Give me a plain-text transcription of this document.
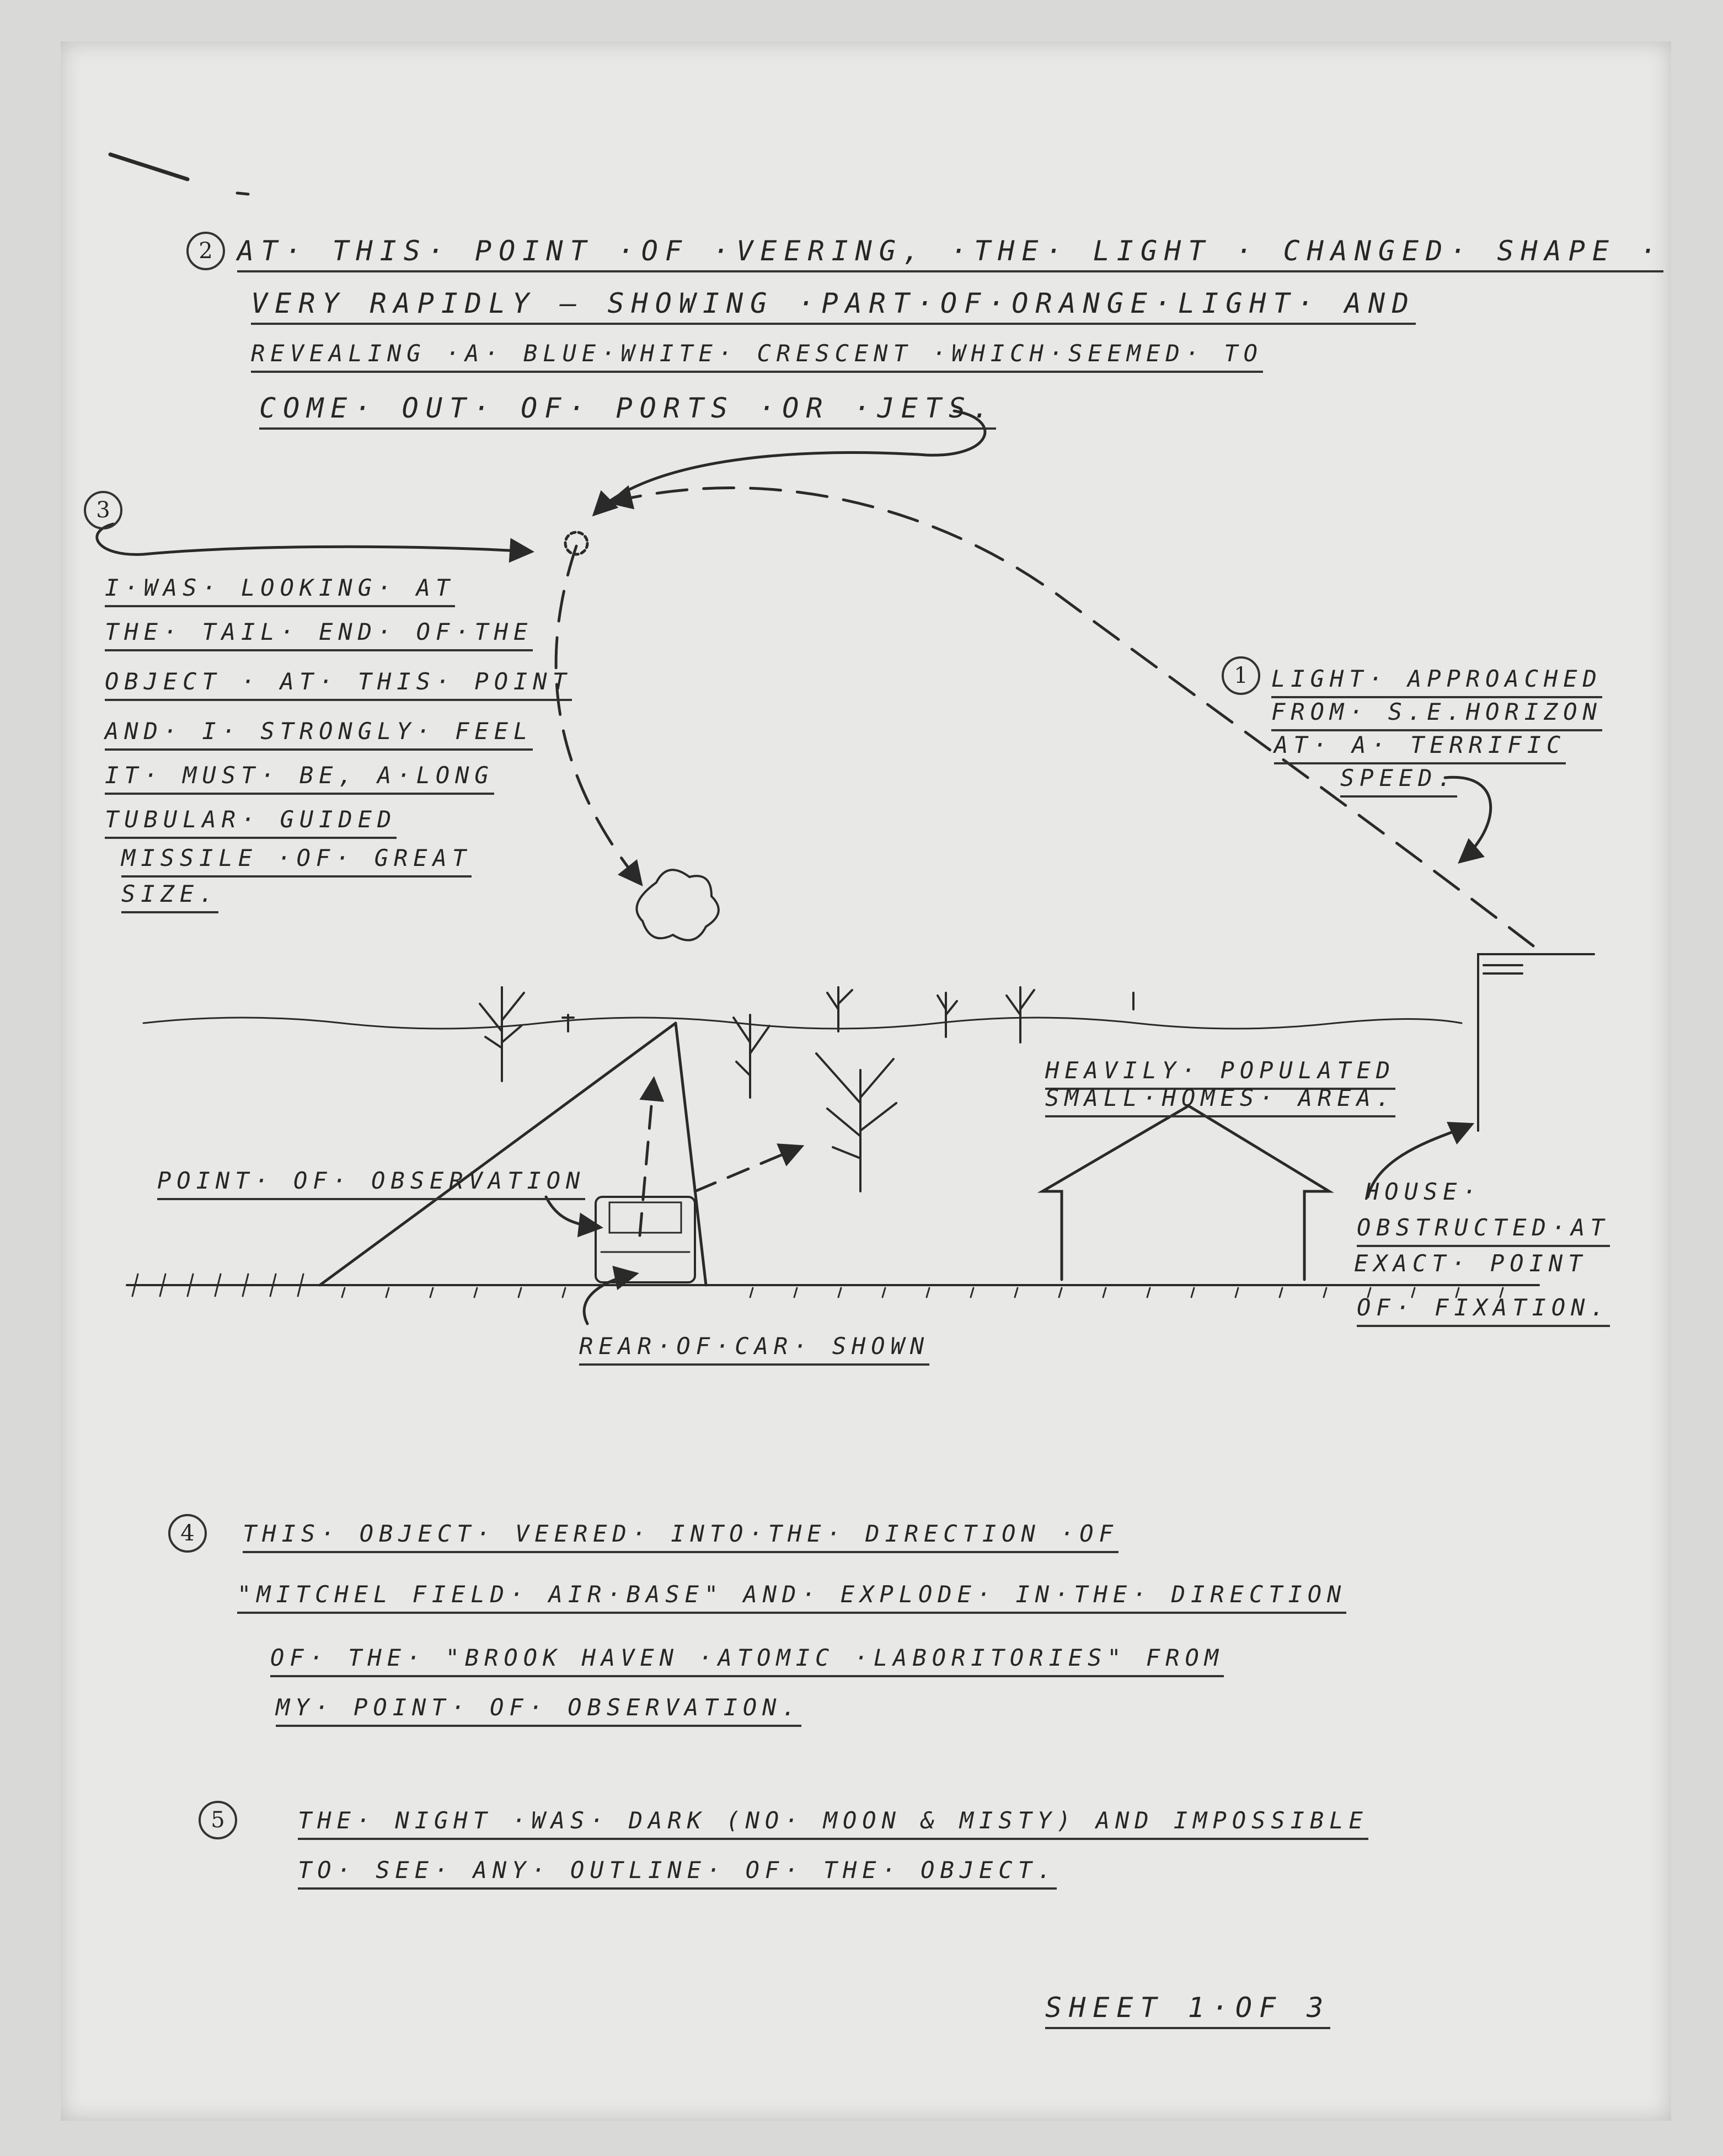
2 AT· THIS· POINT ·OF ·VEERING, ·THE· LIGHT · CHANGED· SHAPE ·
VERY RAPIDLY — SHOWING ·PART·OF·ORANGE·LIGHT· AND
REVEALING ·A· BLUE·WHITE· CRESCENT ·WHICH·SEEMED· TO
COME· OUT· OF· PORTS ·OR ·JETS.
3
I·WAS· LOOKING· AT
THE· TAIL· END· OF·THE
OBJECT · AT· THIS· POINT
AND· I· STRONGLY· FEEL
IT· MUST· BE, A·LONG
TUBULAR· GUIDED
MISSILE ·OF· GREAT
SIZE.
1	LIGHT· APPROACHED
FROM· S.E.HORIZON
AT· A· TERRIFIC
SPEED.
HEAVILY· POPULATED
SMALL·HOMES· AREA.
POINT· OF· OBSERVATION	HOUSE·
OBSTRUCTED·AT
EXACT· POINT
OF· FIXATION.
REAR·OF·CAR· SHOWN
4	THIS· OBJECT· VEERED· INTO·THE· DIRECTION ·OF
"MITCHEL FIELD· AIR·BASE" AND· EXPLODE· IN·THE· DIRECTION
OF· THE· "BROOK HAVEN ·ATOMIC ·LABORITORIES" FROM
MY· POINT· OF· OBSERVATION.
5	THE· NIGHT ·WAS· DARK (NO· MOON & MISTY) AND IMPOSSIBLE
TO· SEE· ANY· OUTLINE· OF· THE· OBJECT.
SHEET 1·OF 3
